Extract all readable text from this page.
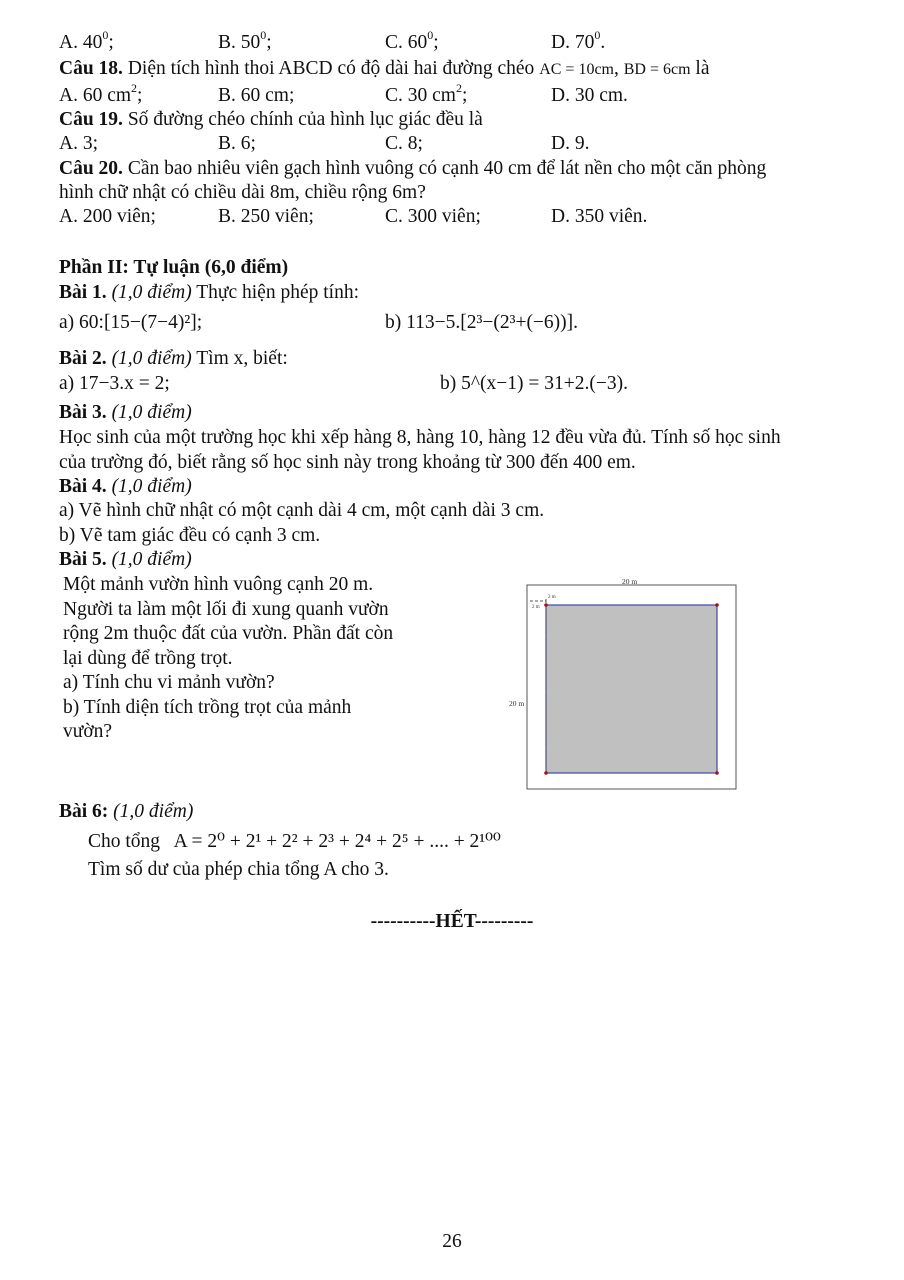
A. $40^0$;	B. $50^0$;	C. $60^0$;	D. $70^0$.
Câu 18. Diện tích hình thoi ABCD có độ dài hai đường chéo AC = 10cm, BD = 6cm là
A. 60 $cm^2$;	B. 60 cm;	C. 30 $cm^2$;	D. 30 cm.
Câu 19. Số đường chéo chính của hình lục giác đều là
A. 3;	B. 6;	C. 8;	D. 9.
Câu 20. Cần bao nhiêu viên gạch hình vuông có cạnh 40 cm để lát nền cho một căn phòng
hình chữ nhật có chiều dài 8m, chiều rộng 6m?
A. 200 viên;	B. 250 viên;	C. 300 viên;	D. 350 viên.
Phần II: Tự luận (6,0 điểm)
Bài 1. (1,0 điểm) Thực hiện phép tính:
a) 60:[15−(7−4)²];	b) 113−5.[2³−(2³+(−6))].
Bài 2. (1,0 điểm) Tìm x, biết:
a) 17−3.x = 2;	b) 5^(x−1) = 31+2.(−3).
Bài 3. (1,0 điểm)
Học sinh của một trường học khi xếp hàng 8, hàng 10, hàng 12 đều vừa đủ. Tính số học sinh
của trường đó, biết rằng số học sinh này trong khoảng từ 300 đến 400 em.
Bài 4. (1,0 điểm)
a) Vẽ hình chữ nhật có một cạnh dài 4 cm, một cạnh dài 3 cm.
b) Vẽ tam giác đều có cạnh 3 cm.
Bài 5. (1,0 điểm)
Một mảnh vườn hình vuông cạnh 20 m.
Người ta làm một lối đi xung quanh vườn
rộng 2m thuộc đất của vườn. Phần đất còn
lại dùng để trồng trọt.
a) Tính chu vi mảnh vườn?
b) Tính diện tích trồng trọt của mảnh
vườn?
20 m
20 m
2 m
2 m
Bài 6: (1,0 điểm)
Cho tổng A = 2⁰ + 2¹ + 2² + 2³ + 2⁴ + 2⁵ + .... + 2¹⁰⁰
Tìm số dư của phép chia tổng A cho 3.
----------HẾT---------
26
